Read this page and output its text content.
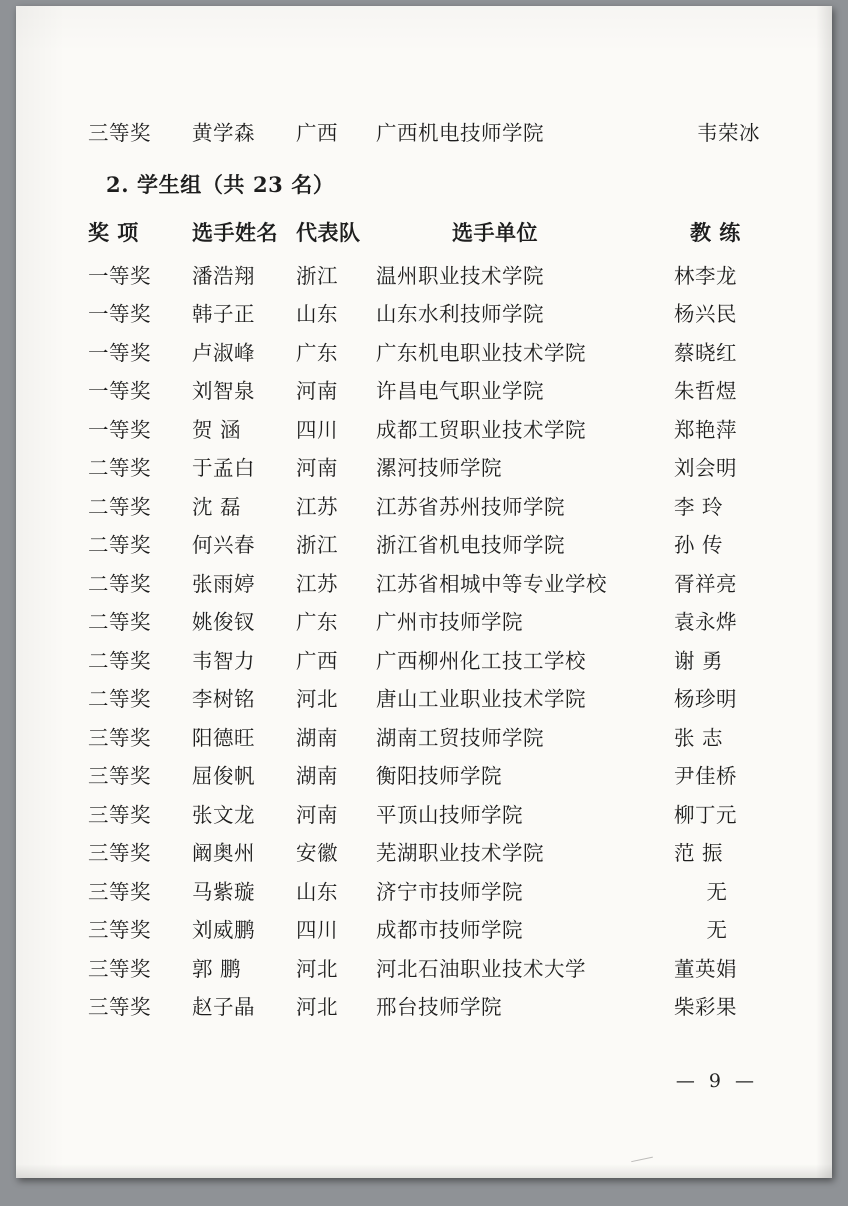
三等奖	黄学森	广西	广西机电技师学院	韦荣冰
2. 学生组（共 23 名）
奖 项	选手姓名 代表队	选手单位	教 练
一等奖	潘浩翔	浙江	温州职业技术学院	林李龙
一等奖	韩子正	山东	山东水利技师学院	杨兴民
一等奖	卢淑峰	广东	广东机电职业技术学院	蔡晓红
一等奖	刘智泉	河南	许昌电气职业学院	朱哲煜
一等奖	贺 涵	四川	成都工贸职业技术学院	郑艳萍
二等奖	于孟白	河南	漯河技师学院	刘会明
二等奖	沈 磊	江苏	江苏省苏州技师学院	李 玲
二等奖	何兴春	浙江	浙江省机电技师学院	孙 传
二等奖	张雨婷	江苏	江苏省相城中等专业学校	胥祥亮
二等奖	姚俊钗	广东	广州市技师学院	袁永烨
二等奖	韦智力	广西	广西柳州化工技工学校	谢 勇
二等奖	李树铭	河北	唐山工业职业技术学院	杨珍明
三等奖	阳德旺	湖南	湖南工贸技师学院	张 志
三等奖	屈俊帆	湖南	衡阳技师学院	尹佳桥
三等奖	张文龙	河南	平顶山技师学院	柳丁元
三等奖	阚奥州	安徽	芜湖职业技术学院	范 振
三等奖	马紫璇	山东	济宁市技师学院	无
三等奖	刘威鹏	四川	成都市技师学院	无
三等奖	郭 鹏	河北	河北石油职业技术大学	董英娟
三等奖	赵子晶	河北	邢台技师学院	柴彩果
— 9 —
